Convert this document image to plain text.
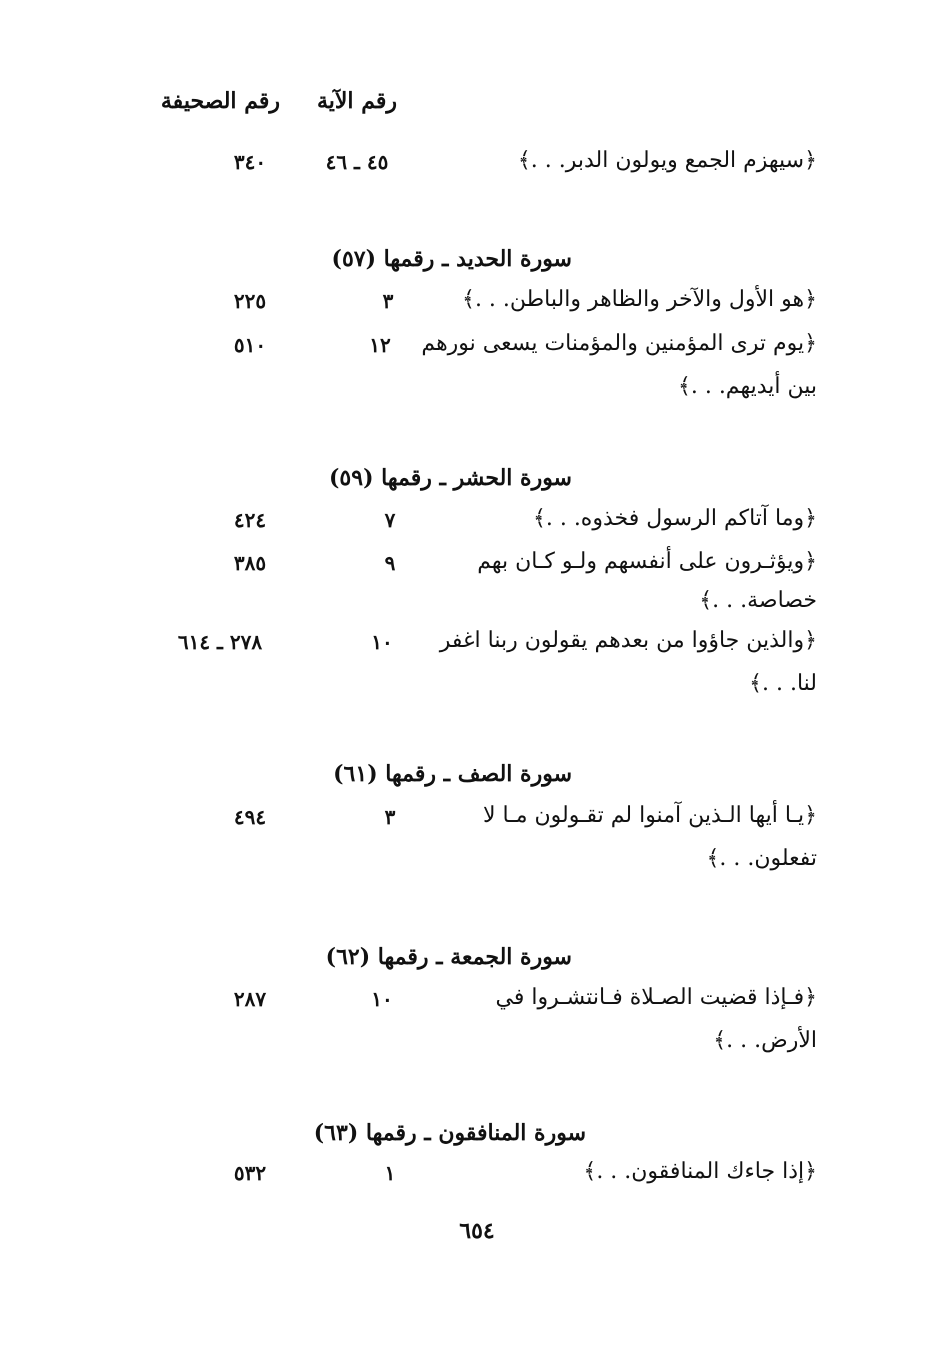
رقم الآية
رقم الصحيفة
﴿سيهزم الجمع ويولون الدبر. . .﴾
٤٥ ـ ٤٦
٣٤٠
سورة الحديد ـ رقمها (٥٧)
﴿هو الأول والآخر والظاهر والباطن. . .﴾
٣
٢٢٥
﴿يوم ترى المؤمنين والمؤمنات يسعى نورهم
بين أيديهم. . .﴾
١٢
٥١٠
سورة الحشر ـ رقمها (٥٩)
﴿وما آتاكم الرسول فخذوه. . .﴾
٧
٤٢٤
﴿ويؤثـرون على أنفسهم ولـو كـان بهم
خصاصة. . .﴾
٩
٣٨٥
﴿والذين جاؤوا من بعدهم يقولون ربنا اغفر
لنا. . .﴾
١٠
٢٧٨ ـ ٦١٤
سورة الصف ـ رقمها (٦١)
﴿يـا أيها الـذين آمنوا لم تقـولون مـا لا
تفعلون. . .﴾
٣
٤٩٤
سورة الجمعة ـ رقمها (٦٢)
﴿فـإذا قضيت الصـلاة فـانتشـروا في
الأرض. . .﴾
١٠
٢٨٧
سورة المنافقون ـ رقمها (٦٣)
﴿إذا جاءك المنافقون. . .﴾
١
٥٣٢
٦٥٤
